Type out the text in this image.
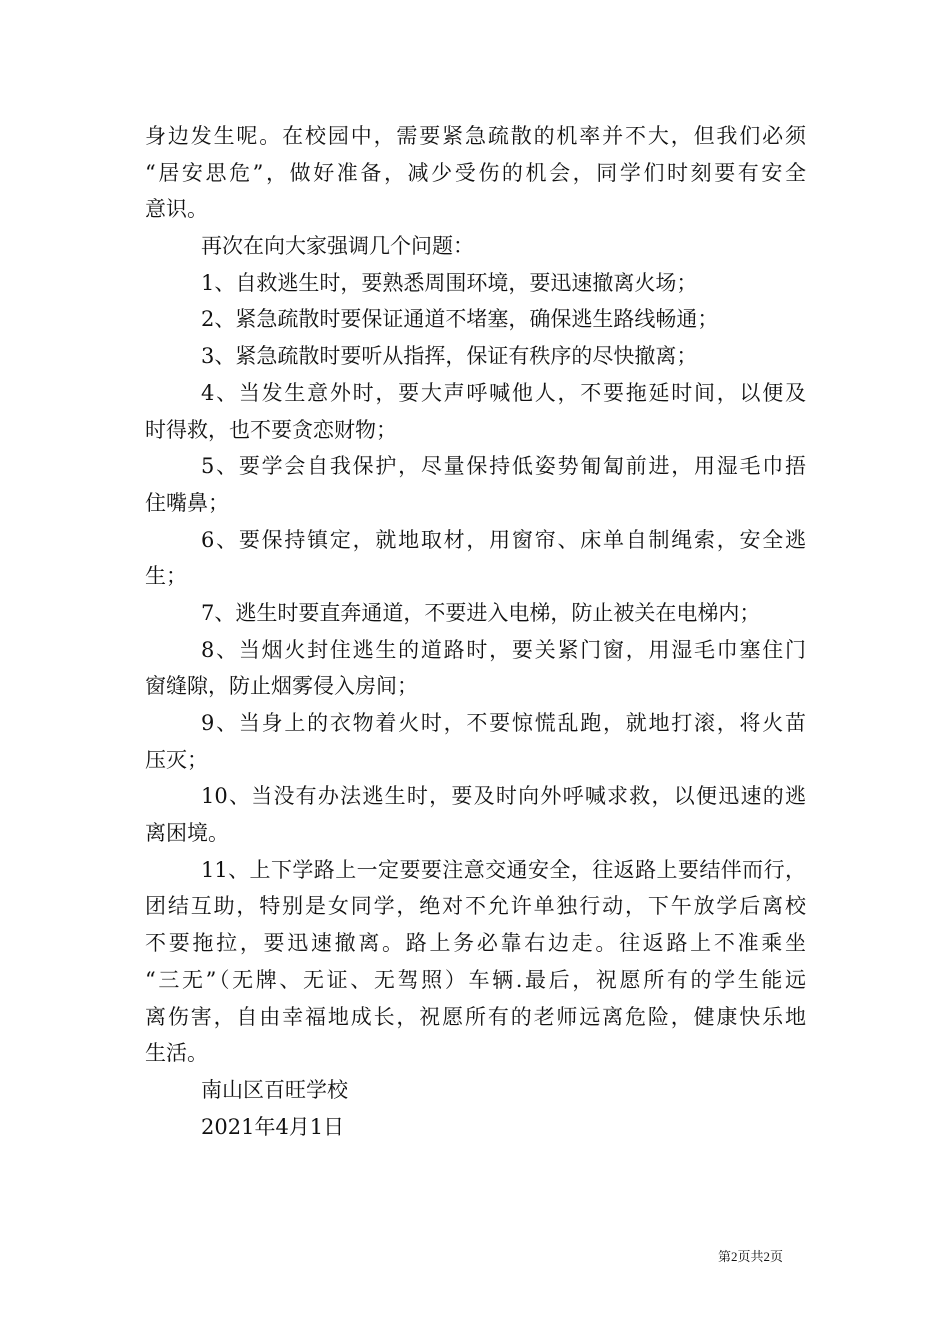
身边发生呢。在校园中，需要紧急疏散的机率并不大，但我们必须
“居安思危”，做好准备，减少受伤的机会，同学们时刻要有安全
意识。
再次在向大家强调几个问题：
1、自救逃生时，要熟悉周围环境，要迅速撤离火场；
2、紧急疏散时要保证通道不堵塞，确保逃生路线畅通；
3、紧急疏散时要听从指挥，保证有秩序的尽快撤离；
4、当发生意外时，要大声呼喊他人，不要拖延时间，以便及
时得救，也不要贪恋财物；
5、要学会自我保护，尽量保持低姿势匍匐前进，用湿毛巾捂
住嘴鼻；
6、要保持镇定，就地取材，用窗帘、床单自制绳索，安全逃
生；
7、逃生时要直奔通道，不要进入电梯，防止被关在电梯内；
8、当烟火封住逃生的道路时，要关紧门窗，用湿毛巾塞住门
窗缝隙，防止烟雾侵入房间；
9、当身上的衣物着火时，不要惊慌乱跑，就地打滚，将火苗
压灭；
10、当没有办法逃生时，要及时向外呼喊求救，以便迅速的逃
离困境。
11、上下学路上一定要要注意交通安全，往返路上要结伴而行，
团结互助，特别是女同学，绝对不允许单独行动，下午放学后离校
不要拖拉，要迅速撤离。路上务必靠右边走。往返路上不准乘坐
“三无”（无牌、无证、无驾照）车辆.最后，祝愿所有的学生能远
离伤害，自由幸福地成长，祝愿所有的老师远离危险，健康快乐地
生活。
南山区百旺学校
2021年4月1日
第2页共2页
